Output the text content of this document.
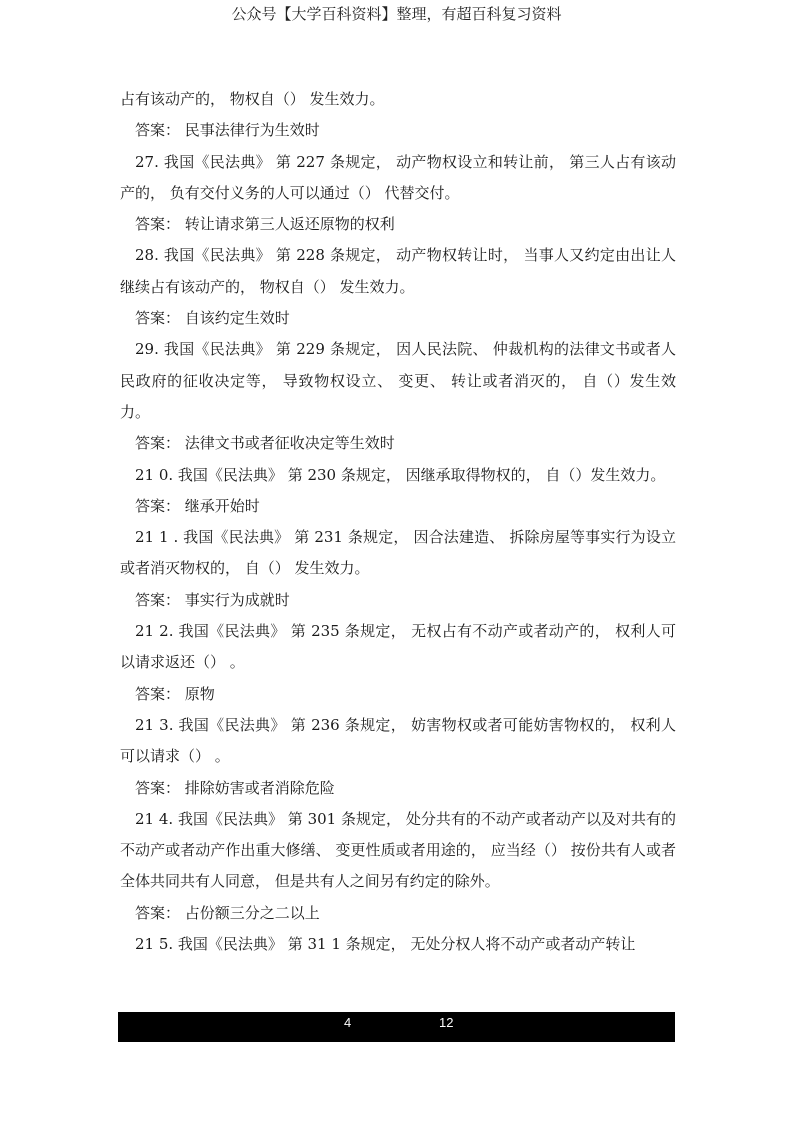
公众号【大学百科资料】整理，有超百科复习资料

占有该动产的， 物权自（） 发生效力。

答案： 民事法律行为生效时

27. 我国《民法典》 第 227 条规定， 动产物权设立和转让前， 第三人占有该动产的， 负有交付义务的人可以通过（） 代替交付。

答案： 转让请求第三人返还原物的权利

28. 我国《民法典》 第 228 条规定， 动产物权转让时， 当事人又约定由出让人继续占有该动产的， 物权自（） 发生效力。

答案： 自该约定生效时

29. 我国《民法典》 第 229 条规定， 因人民法院、 仲裁机构的法律文书或者人民政府的征收决定等， 导致物权设立、 变更、 转让或者消灭的， 自（）发生效力。

答案： 法律文书或者征收决定等生效时

21 0. 我国《民法典》 第 230 条规定， 因继承取得物权的， 自（）发生效力。

答案： 继承开始时

21 1 . 我国《民法典》 第 231 条规定， 因合法建造、 拆除房屋等事实行为设立或者消灭物权的， 自（） 发生效力。

答案： 事实行为成就时

21 2. 我国《民法典》 第 235 条规定， 无权占有不动产或者动产的， 权利人可以请求返还（） 。

答案： 原物

21 3. 我国《民法典》 第 236 条规定， 妨害物权或者可能妨害物权的， 权利人可以请求（） 。

答案： 排除妨害或者消除危险

21 4. 我国《民法典》 第 301 条规定， 处分共有的不动产或者动产以及对共有的不动产或者动产作出重大修缮、 变更性质或者用途的， 应当经（） 按份共有人或者全体共同共有人同意， 但是共有人之间另有约定的除外。

答案： 占份额三分之二以上

21 5. 我国《民法典》 第 31 1 条规定， 无处分权人将不动产或者动产转让

4	12
